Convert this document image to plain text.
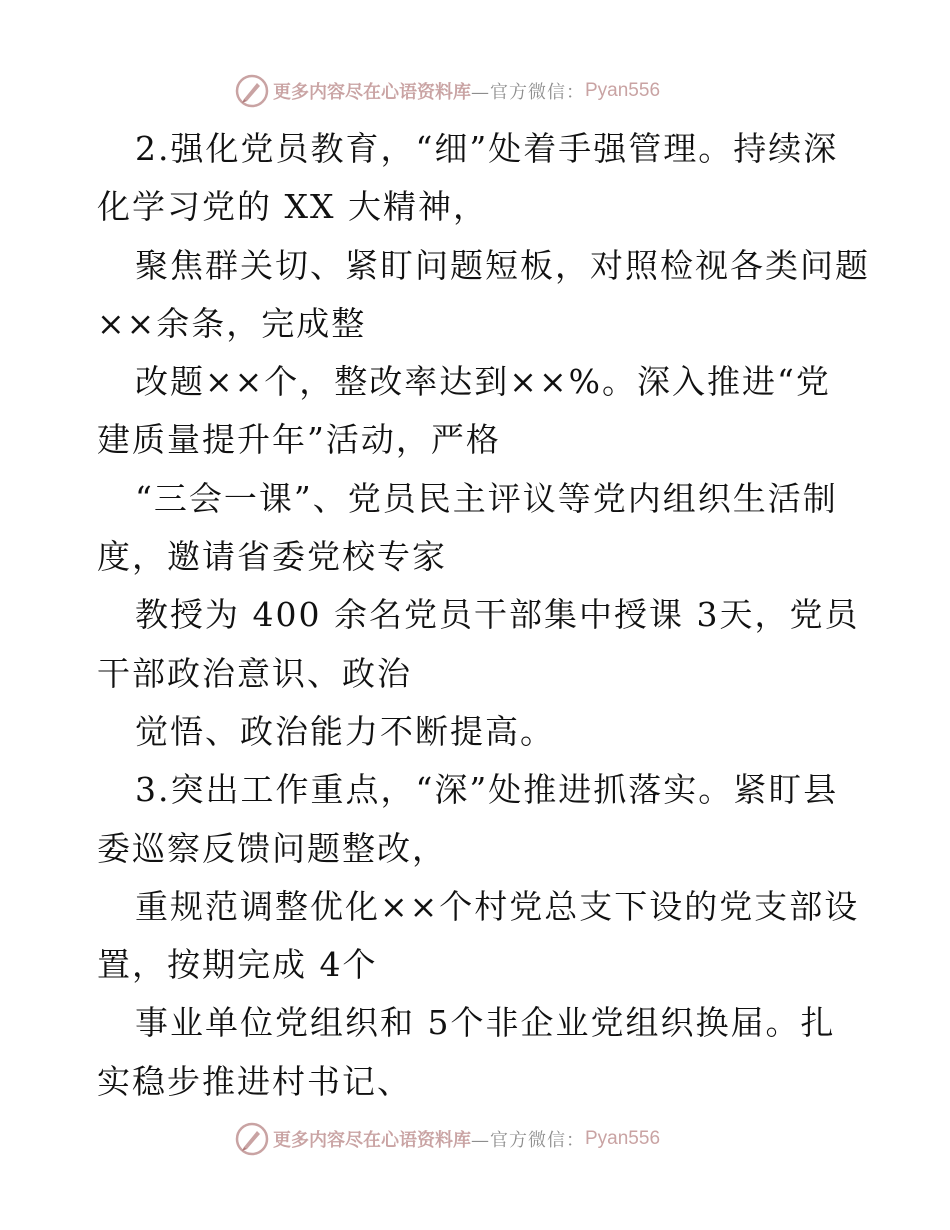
更多内容尽在心语资料库 —官方微信： Pyan556
2.强化党员教育，“细”处着手强管理。持续深
化学习党的 XX 大精神，
聚焦群关切、紧盯问题短板，对照检视各类问题
××余条，完成整
改题××个，整改率达到××%。深入推进“党
建质量提升年”活动，严格
“三会一课”、党员民主评议等党内组织生活制
度，邀请省委党校专家
教授为 400 余名党员干部集中授课 3天，党员
干部政治意识、政治
觉悟、政治能力不断提高。
3.突出工作重点，“深”处推进抓落实。紧盯县
委巡察反馈问题整改，
重规范调整优化××个村党总支下设的党支部设
置，按期完成 4个
事业单位党组织和 5个非企业党组织换届。扎
实稳步推进村书记、
更多内容尽在心语资料库 —官方微信： Pyan556
